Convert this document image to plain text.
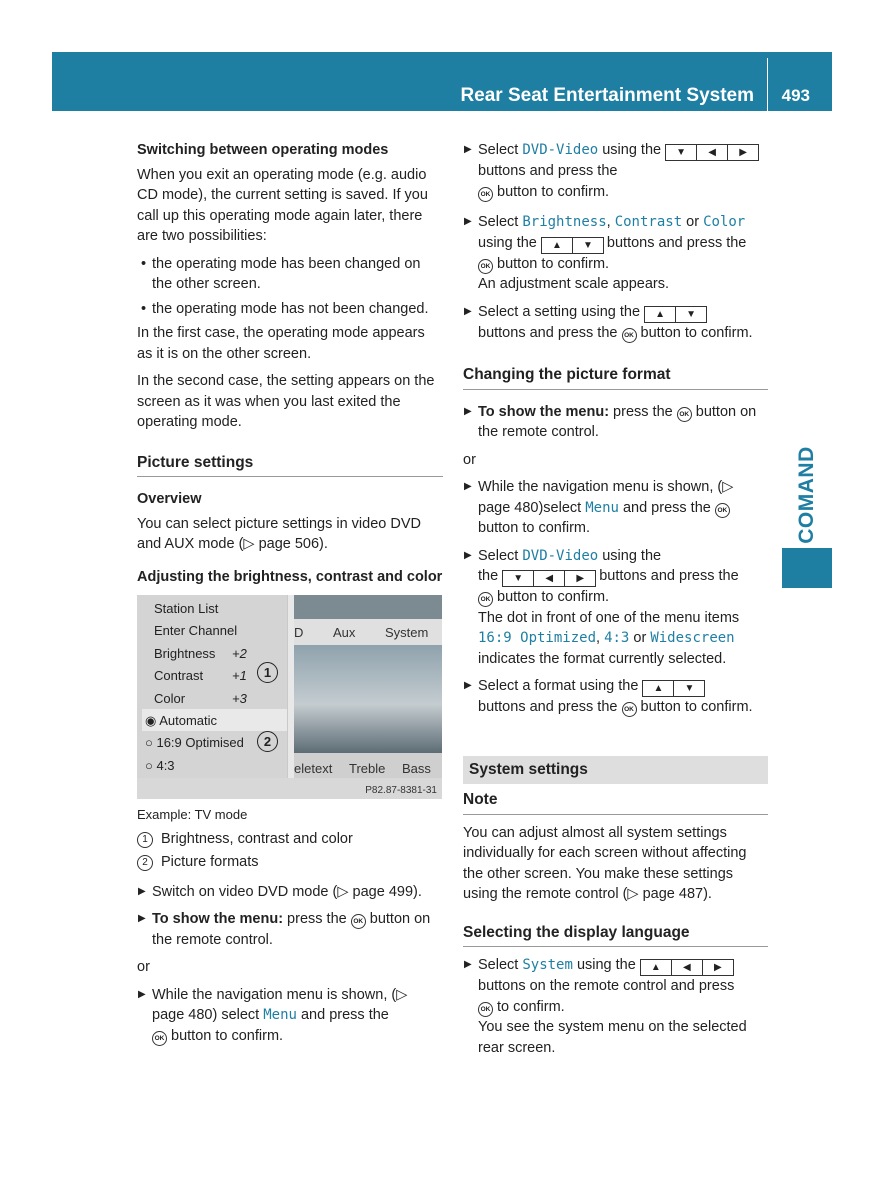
Rear Seat Entertainment System 493
COMAND
Switching between operating modes

When you exit an operating mode (e.g. audio CD mode), the current setting is saved. If you call up this operating mode again later, there are two possibilities:

• the operating mode has been changed on the other screen.
• the operating mode has not been changed.

In the first case, the operating mode appears as it is on the other screen.

In the second case, the setting appears on the screen as it was when you last exited the operating mode.

Picture settings
Overview

You can select picture settings in video DVD and AUX mode (▷ page 506).

Adjusting the brightness, contrast and color
Station List
Enter Channel
Brightness +2
Contrast +1
Color	+3
◉ Automatic
○ 16:9 Optimised
○ 4:3
D Aux System
eletext Treble Bass
1
2
P82.87-8381-31
Example: TV mode
1 Brightness, contrast and color
2 Picture formats
▶ Switch on video DVD mode (▷ page 499).
▶ To show the menu: press the OK button on the remote control.

or

▶ While the navigation menu is shown, (▷ page 480) select Menu and press the
OK button to confirm.
▶ Select DVD-Video using the ▼ ◀ ▶ buttons and press the
OK button to confirm.
▶ Select Brightness, Contrast or Color
using the ▲ ▼ buttons and press the
OK button to confirm.
An adjustment scale appears.
▶ Select a setting using the ▲ ▼
buttons and press the OK button to confirm.
Changing the picture format
▶ To show the menu: press the OK button on the remote control.

or

▶ While the navigation menu is shown, (▷ page 480)select Menu and press the OK
button to confirm.
▶ Select DVD-Video using the
the ▼ ◀ ▶ buttons and press the
OK button to confirm.
The dot in front of one of the menu items 16:9 Optimized, 4:3 or Widescreen indicates the format currently selected.
▶ Select a format using the ▲ ▼
buttons and press the OK button to confirm.
System settings
Note

You can adjust almost all system settings individually for each screen without affecting the other screen. You make these settings using the remote control (▷ page 487).

Selecting the display language
▶ Select System using the ▲ ◀ ▶
buttons on the remote control and press
OK to confirm.
You see the system menu on the selected rear screen.
